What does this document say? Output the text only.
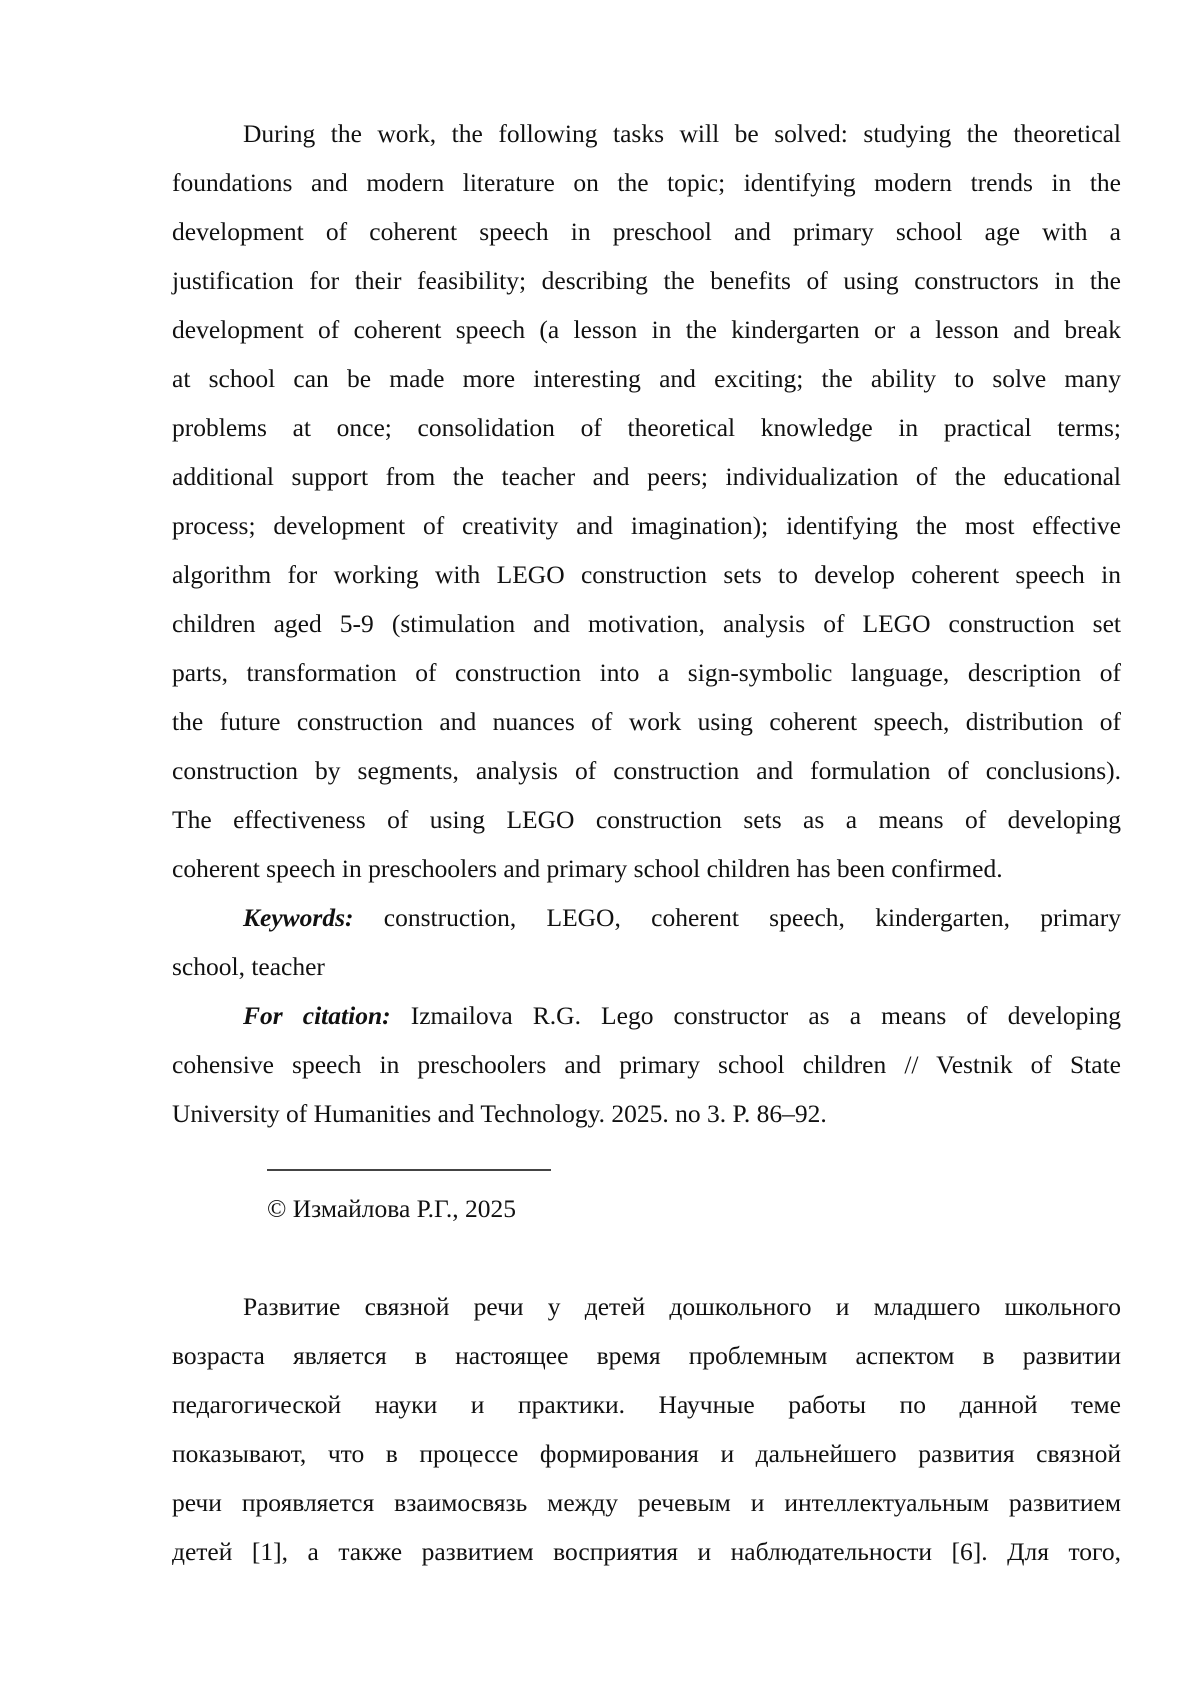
During the work, the following tasks will be solved: studying the theoretical
foundations and modern literature on the topic; identifying modern trends in the
development of coherent speech in preschool and primary school age with a
justification for their feasibility; describing the benefits of using constructors in the
development of coherent speech (a lesson in the kindergarten or a lesson and break
at school can be made more interesting and exciting; the ability to solve many
problems at once; consolidation of theoretical knowledge in practical terms;
additional support from the teacher and peers; individualization of the educational
process; development of creativity and imagination); identifying the most effective
algorithm for working with LEGO construction sets to develop coherent speech in
children aged 5-9 (stimulation and motivation, analysis of LEGO construction set
parts, transformation of construction into a sign-symbolic language, description of
the future construction and nuances of work using coherent speech, distribution of
construction by segments, analysis of construction and formulation of conclusions).
The effectiveness of using LEGO construction sets as a means of developing
coherent speech in preschoolers and primary school children has been confirmed.
Keywords: construction, LEGO, coherent speech, kindergarten, primary
school, teacher
For citation: Izmailova R.G. Lego constructor as a means of developing
cohensive speech in preschoolers and primary school children // Vestnik of State
University of Humanities and Technology. 2025. no 3. P. 86–92.
© Измайлова Р.Г., 2025
Развитие связной речи у детей дошкольного и младшего школьного
возраста является в настоящее время проблемным аспектом в развитии
педагогической науки и практики. Научные работы по данной теме
показывают, что в процессе формирования и дальнейшего развития связной
речи проявляется взаимосвязь между речевым и интеллектуальным развитием
детей [1], а также развитием восприятия и наблюдательности [6]. Для того,
